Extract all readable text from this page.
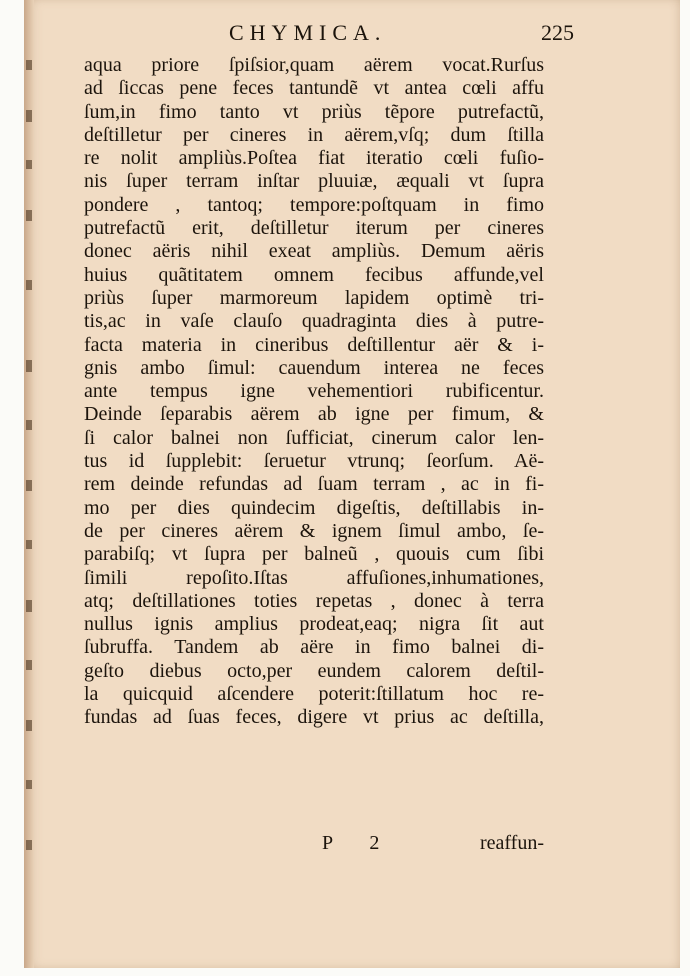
CHYMICA.	225
aqua priore ſpiſsior,quam aërem vocat.Rurſus
ad ſiccas pene feces tantundẽ vt antea cœli affu
ſum,in fimo tanto vt priùs tẽpore putrefactũ,
deſtilletur per cineres in aërem,vſq; dum ſtilla
re nolit ampliùs.Poſtea fiat iteratio cœli fuſio-
nis ſuper terram inſtar pluuiæ, æquali vt ſupra
pondere , tantoq; tempore:poſtquam in fimo
putrefactũ erit, deſtilletur iterum per cineres
donec aëris nihil exeat ampliùs. Demum aëris
huius quãtitatem omnem fecibus affunde,vel
priùs ſuper marmoreum lapidem optimè tri-
tis,ac in vaſe clauſo quadraginta dies à putre-
facta materia in cineribus deſtillentur aër & i-
gnis ambo ſimul: cauendum interea ne feces
ante tempus igne vehementiori rubificentur.
Deinde ſeparabis aërem ab igne per fimum, &
ſi calor balnei non ſufficiat, cinerum calor len-
tus id ſupplebit: ſeruetur vtrunq; ſeorſum. Aë-
rem deinde refundas ad ſuam terram , ac in fi-
mo per dies quindecim digeſtis, deſtillabis in-
de per cineres aërem & ignem ſimul ambo, ſe-
parabiſq; vt ſupra per balneũ , quouis cum ſibi
ſimili repoſito.Iſtas affuſiones,inhumationes,
atq; deſtillationes toties repetas , donec à terra
nullus ignis amplius prodeat,eaq; nigra ſit aut
ſubruffa. Tandem ab aëre in fimo balnei di-
geſto diebus octo,per eundem calorem deſtil-
la quicquid aſcendere poterit:ſtillatum hoc re-
fundas ad ſuas feces, digere vt prius ac deſtilla,
P 2	reaffun-
